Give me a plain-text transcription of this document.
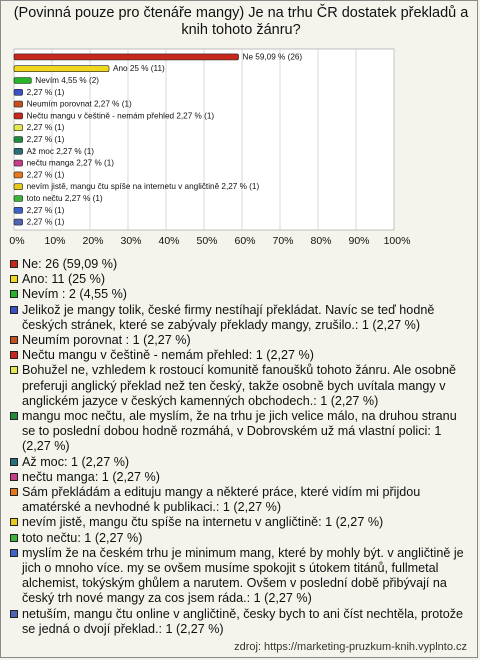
(Povinná pouze pro čtenáře mangy) Je na trhu ČR dostatek překladů a knih tohoto žánru?
0% 10% 20% 30% 40% 50% 60% 70% 80% 90% 100%
Ne 59,09 % (26)
Ano 25 % (11)
Nevím 4,55 % (2)
2,27 % (1)
Neumím porovnat 2,27 % (1)
Nečtu mangu v češtině - nemám přehled 2,27 % (1)
2,27 % (1)
2,27 % (1)
Až moc 2,27 % (1)
nečtu manga 2,27 % (1)
2,27 % (1)
nevím jistě, mangu čtu spíše na internetu v angličtině 2,27 % (1)
toto nečtu 2,27 % (1)
2,27 % (1)
2,27 % (1)
Ne: 26 (59,09 %)
Ano: 11 (25 %)
Nevím : 2 (4,55 %)
Jelikož je mangy tolik, české firmy nestíhají překládat. Navíc se teď hodně českých stránek, které se zabývaly překlady mangy, zrušilo.: 1 (2,27 %)
Neumím porovnat : 1 (2,27 %)
Nečtu mangu v češtině - nemám přehled: 1 (2,27 %)
Bohužel ne, vzhledem k rostoucí komunitě fanoušků tohoto žánru. Ale osobně preferuji anglický překlad než ten český, takže osobně bych uvítala mangy v anglickém jazyce v českých kamenných obchodech.: 1 (2,27 %)
mangu moc nečtu, ale myslím, že na trhu je jich velice málo, na druhou stranu se to poslední dobou hodně rozmáhá, v Dobrovském už má vlastní polici: 1 (2,27 %)
Až moc: 1 (2,27 %)
nečtu manga: 1 (2,27 %)
Sám překládám a edituju mangy a některé práce, které vidím mi přijdou amatérské a nevhodné k publikaci.: 1 (2,27 %)
nevím jistě, mangu čtu spíše na internetu v angličtině: 1 (2,27 %)
toto nečtu: 1 (2,27 %)
myslím že na českém trhu je minimum mang, které by mohly být. v angličtině je jich o mnoho více. my se ovšem musíme spokojit s útokem titánů, fullmetal alchemist, tokýským ghůlem a narutem. Ovšem v poslední době přibývají na český trh nové mangy za cos jsem ráda.: 1 (2,27 %)
netuším, mangu čtu online v angličtině, česky bych to ani číst nechtěla, protože se jedná o dvojí překlad.: 1 (2,27 %)
zdroj: https://marketing-pruzkum-knih.vyplnto.cz
